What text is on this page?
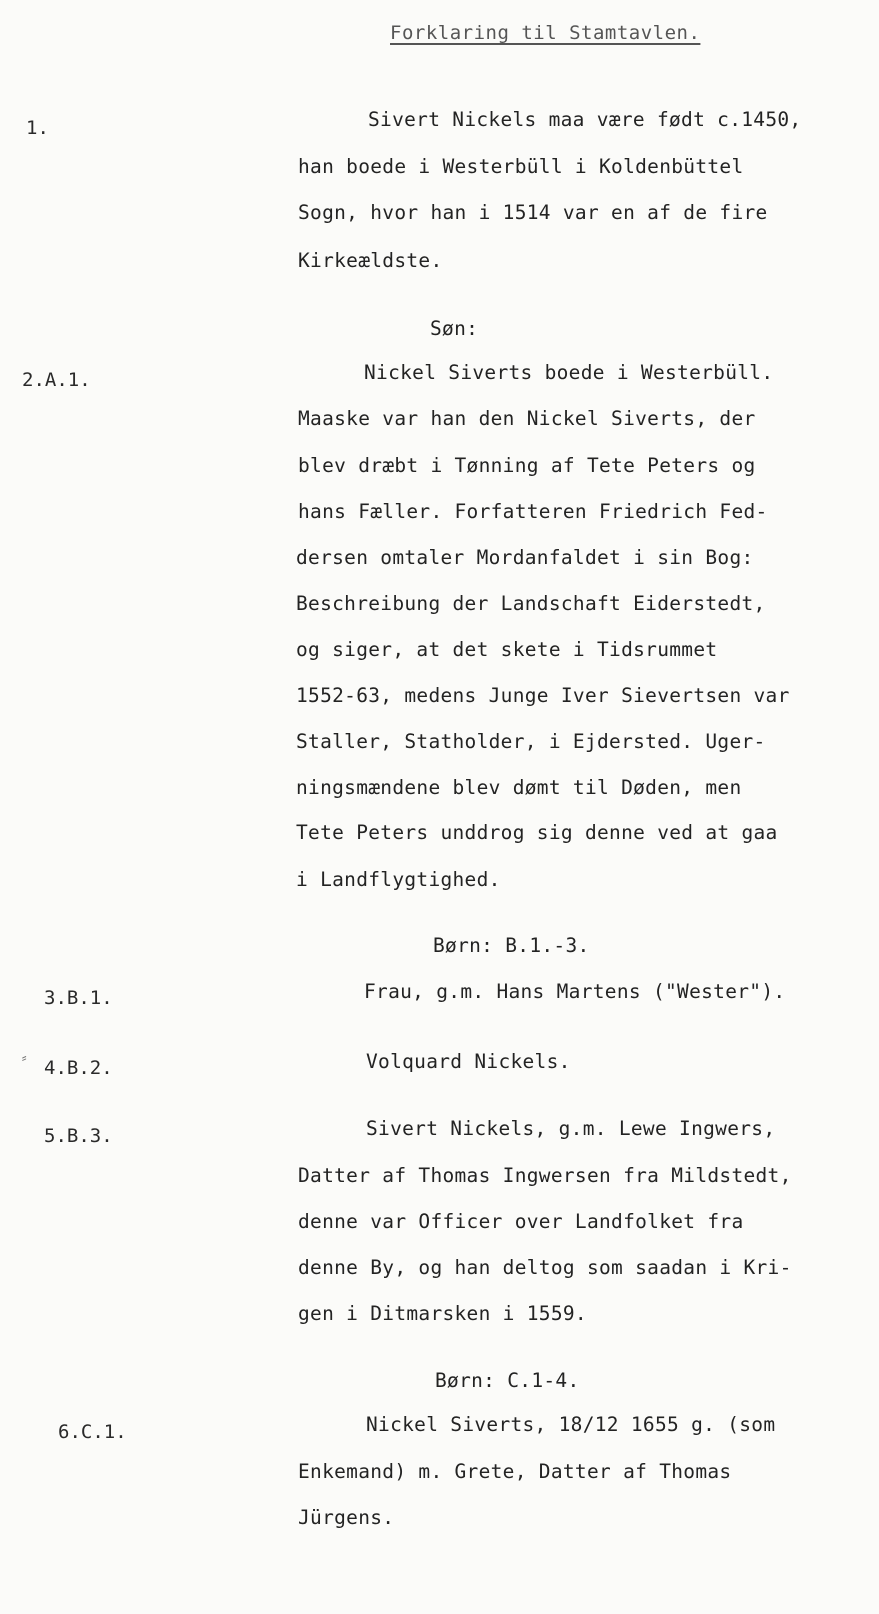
Forklaring til Stamtavlen.
1.	Sivert Nickels maa være født c.1450,
han boede i Westerbüll i Koldenbüttel
Sogn, hvor han i 1514 var en af de fire
Kirkeældste.
Søn:
2.A.1.	Nickel Siverts boede i Westerbüll.
Maaske var han den Nickel Siverts, der
blev dræbt i Tønning af Tete Peters og
hans Fæller. Forfatteren Friedrich Fed-
dersen omtaler Mordanfaldet i sin Bog:
Beschreibung der Landschaft Eiderstedt,
og siger, at det skete i Tidsrummet
1552-63, medens Junge Iver Sievertsen var
Staller, Statholder, i Ejdersted. Uger-
ningsmændene blev dømt til Døden, men
Tete Peters unddrog sig denne ved at gaa
i Landflygtighed.
Børn: B.1.-3.
3.B.1.	Frau, g.m. Hans Martens ("Wester").
⸗ 4.B.2.	Volquard Nickels.
5.B.3.	Sivert Nickels, g.m. Lewe Ingwers,
Datter af Thomas Ingwersen fra Mildstedt,
denne var Officer over Landfolket fra
denne By, og han deltog som saadan i Kri-
gen i Ditmarsken i 1559.
Børn: C.1-4.
6.C.1.	Nickel Siverts, 18/12 1655 g. (som
Enkemand) m. Grete, Datter af Thomas
Jürgens.
